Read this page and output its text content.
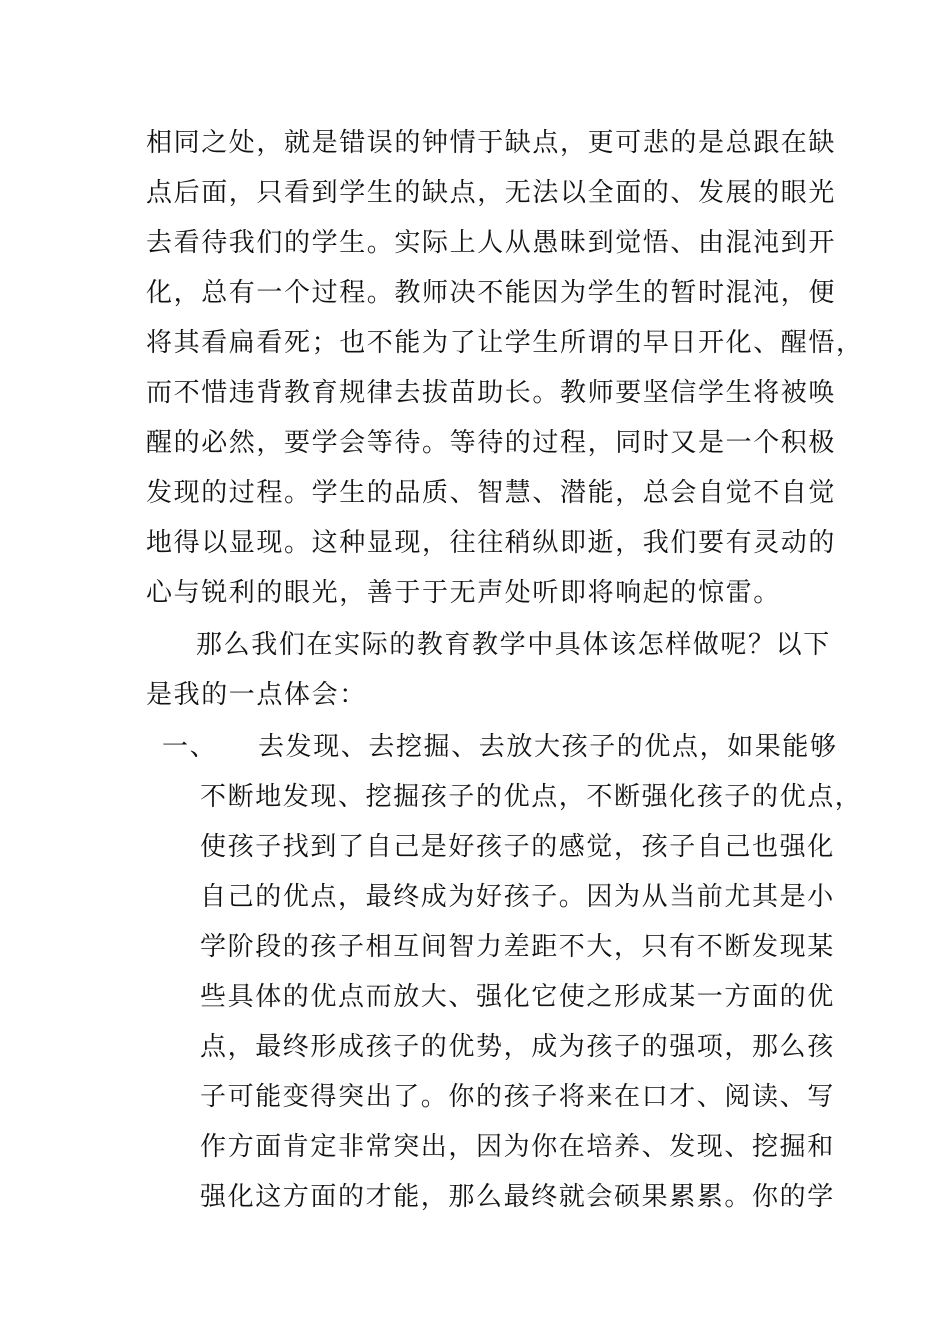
相同之处，就是错误的钟情于缺点，更可悲的是总跟在缺
点后面，只看到学生的缺点，无法以全面的、发展的眼光
去看待我们的学生。实际上人从愚昧到觉悟、由混沌到开
化，总有一个过程。教师决不能因为学生的暂时混沌，便
将其看扁看死；也不能为了让学生所谓的早日开化、醒悟，
而不惜违背教育规律去拔苗助长。教师要坚信学生将被唤
醒的必然，要学会等待。等待的过程，同时又是一个积极
发现的过程。学生的品质、智慧、潜能，总会自觉不自觉
地得以显现。这种显现，往往稍纵即逝，我们要有灵动的
心与锐利的眼光，善于于无声处听即将响起的惊雷。
那么我们在实际的教育教学中具体该怎样做呢？以下
是我的一点体会：
一、 去发现、去挖掘、去放大孩子的优点，如果能够
不断地发现、挖掘孩子的优点，不断强化孩子的优点，
使孩子找到了自己是好孩子的感觉，孩子自己也强化
自己的优点，最终成为好孩子。因为从当前尤其是小
学阶段的孩子相互间智力差距不大，只有不断发现某
些具体的优点而放大、强化它使之形成某一方面的优
点，最终形成孩子的优势，成为孩子的强项，那么孩
子可能变得突出了。你的孩子将来在口才、阅读、写
作方面肯定非常突出，因为你在培养、发现、挖掘和
强化这方面的才能，那么最终就会硕果累累。你的学
